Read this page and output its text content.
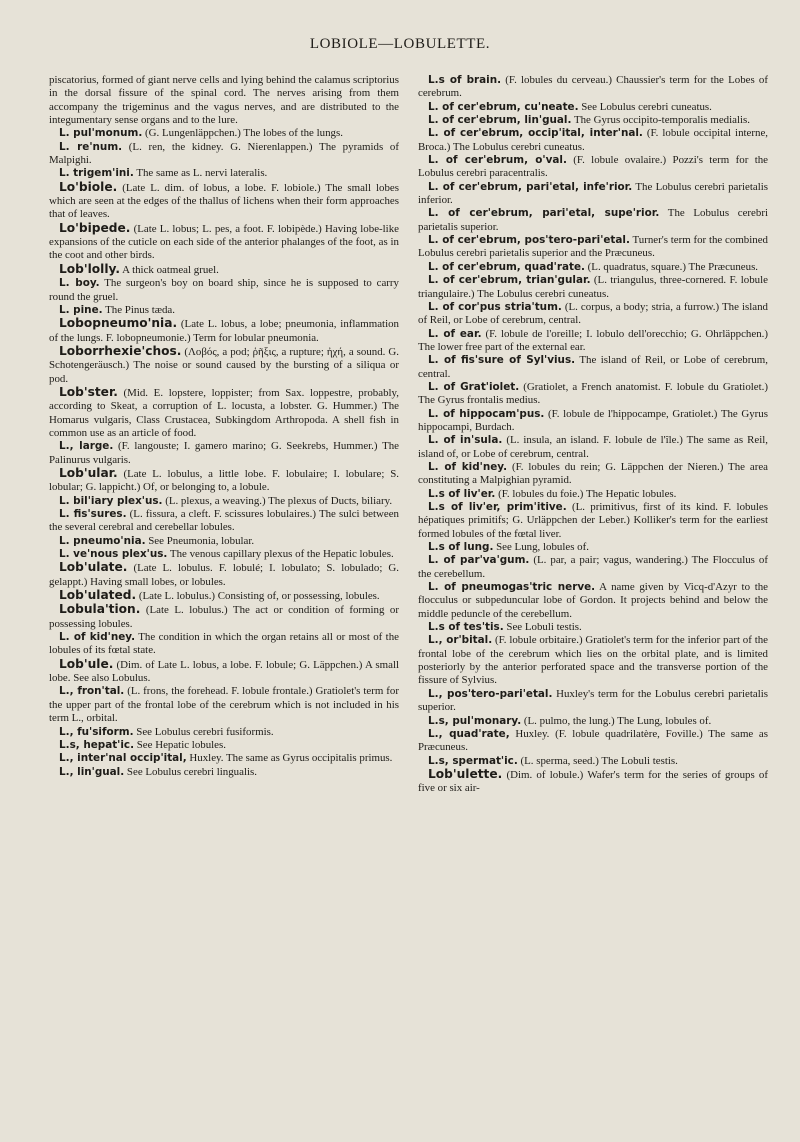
LOBIOLE—LOBULETTE.

piscatorius, formed of giant nerve cells and lying behind the calamus scriptorius in the dorsal fissure of the spinal cord. The nerves arising from them accompany the trigeminus and the vagus nerves, and are distributed to the integumentary sense organs and to the lure.

L. pul'monum. (G. Lungenläppchen.) The lobes of the lungs.

L. re'num. (L. ren, the kidney. G. Nierenlappen.) The pyramids of Malpighi.

L. trigem'ini. The same as L. nervi lateralis.

Lo'biole. (Late L. dim. of lobus, a lobe. F. lobiole.) The small lobes which are seen at the edges of the thallus of lichens when their form approaches that of leaves.

Lo'bipede. (Late L. lobus; L. pes, a foot. F. lobipède.) Having lobe-like expansions of the cuticle on each side of the anterior phalanges of the foot, as in the coot and other birds.

Lob'lolly. A thick oatmeal gruel.

L. boy. The surgeon's boy on board ship, since he is supposed to carry round the gruel.

L. pine. The Pinus tæda.

Lobopneumo'nia. (Late L. lobus, a lobe; pneumonia, inflammation of the lungs. F. lobopneumonie.) Term for lobular pneumonia.

Loborrhexie'chos. (Λοβός, a pod; ῥῆξις, a rupture; ἠχή, a sound. G. Schotengeräusch.) The noise or sound caused by the bursting of a siliqua or pod.

Lob'ster. (Mid. E. lopstere, loppister; from Sax. loppestre, probably, according to Skeat, a corruption of L. locusta, a lobster. G. Hummer.) The Homarus vulgaris, Class Crustacea, Subkingdom Arthropoda. A shell fish in common use as an article of food.

L., large. (F. langouste; I. gamero marino; G. Seekrebs, Hummer.) The Palinurus vulgaris.

Lob'ular. (Late L. lobulus, a little lobe. F. lobulaire; I. lobulare; S. lobular; G. lappicht.) Of, or belonging to, a lobule.

L. bil'iary plex'us. (L. plexus, a weaving.) The plexus of Ducts, biliary.

L. fis'sures. (L. fissura, a cleft. F. scissures lobulaires.) The sulci between the several cerebral and cerebellar lobules.

L. pneumo'nia. See Pneumonia, lobular.

L. ve'nous plex'us. The venous capillary plexus of the Hepatic lobules.

Lob'ulate. (Late L. lobulus. F. lobulé; I. lobulato; S. lobulado; G. gelappt.) Having small lobes, or lobules.

Lob'ulated. (Late L. lobulus.) Consisting of, or possessing, lobules.

Lobula'tion. (Late L. lobulus.) The act or condition of forming or possessing lobules.

L. of kid'ney. The condition in which the organ retains all or most of the lobules of its fœtal state.

Lob'ule. (Dim. of Late L. lobus, a lobe. F. lobule; G. Läppchen.) A small lobe. See also Lobulus.

L., fron'tal. (L. frons, the forehead. F. lobule frontale.) Gratiolet's term for the upper part of the frontal lobe of the cerebrum which is not included in his term L., orbital.

L., fu'siform. See Lobulus cerebri fusiformis.

L.s, hepat'ic. See Hepatic lobules.

L., inter'nal occip'ital, Huxley. The same as Gyrus occipitalis primus.

L., lin'gual. See Lobulus cerebri lingualis.

L.s of brain. (F. lobules du cerveau.) Chaussier's term for the Lobes of cerebrum.

L. of cer'ebrum, cu'neate. See Lobulus cerebri cuneatus.

L. of cer'ebrum, lin'gual. The Gyrus occipito-temporalis medialis.

L. of cer'ebrum, occip'ital, inter'nal. (F. lobule occipital interne, Broca.) The Lobulus cerebri cuneatus.

L. of cer'ebrum, o'val. (F. lobule ovalaire.) Pozzi's term for the Lobulus cerebri paracentralis.

L. of cer'ebrum, pari'etal, infe'rior. The Lobulus cerebri parietalis inferior.

L. of cer'ebrum, pari'etal, supe'rior. The Lobulus cerebri parietalis superior.

L. of cer'ebrum, pos'tero-pari'etal. Turner's term for the combined Lobulus cerebri parietalis superior and the Præcuneus.

L. of cer'ebrum, quad'rate. (L. quadratus, square.) The Præcuneus.

L. of cer'ebrum, trian'gular. (L. triangulus, three-cornered. F. lobule triangulaire.) The Lobulus cerebri cuneatus.

L. of cor'pus stria'tum. (L. corpus, a body; stria, a furrow.) The island of Reil, or Lobe of cerebrum, central.

L. of ear. (F. lobule de l'oreille; I. lobulo dell'orecchio; G. Ohrläppchen.) The lower free part of the external ear.

L. of fis'sure of Syl'vius. The island of Reil, or Lobe of cerebrum, central.

L. of Grat'iolet. (Gratiolet, a French anatomist. F. lobule du Gratiolet.) The Gyrus frontalis medius.

L. of hippocam'pus. (F. lobule de l'hippocampe, Gratiolet.) The Gyrus hippocampi, Burdach.

L. of in'sula. (L. insula, an island. F. lobule de l'île.) The same as Reil, island of, or Lobe of cerebrum, central.

L. of kid'ney. (F. lobules du rein; G. Läppchen der Nieren.) The area constituting a Malpighian pyramid.

L.s of liv'er. (F. lobules du foie.) The Hepatic lobules.

L.s of liv'er, prim'itive. (L. primitivus, first of its kind. F. lobules hépatiques primitifs; G. Urläppchen der Leber.) Kolliker's term for the earliest formed lobules of the fœtal liver.

L.s of lung. See Lung, lobules of.

L. of par'va'gum. (L. par, a pair; vagus, wandering.) The Flocculus of the cerebellum.

L. of pneumogas'tric nerve. A name given by Vicq-d'Azyr to the flocculus or subpeduncular lobe of Gordon. It projects behind and below the middle peduncle of the cerebellum.

L.s of tes'tis. See Lobuli testis.

L., or'bital. (F. lobule orbitaire.) Gratiolet's term for the inferior part of the frontal lobe of the cerebrum which lies on the orbital plate, and is limited posteriorly by the anterior perforated space and the transverse portion of the fissure of Sylvius.

L., pos'tero-pari'etal. Huxley's term for the Lobulus cerebri parietalis superior.

L.s, pul'monary. (L. pulmo, the lung.) The Lung, lobules of.

L., quad'rate, Huxley. (F. lobule quadrilatère, Foville.) The same as Præcuneus.

L.s, spermat'ic. (L. sperma, seed.) The Lobuli testis.

Lob'ulette. (Dim. of lobule.) Wafer's term for the series of groups of five or six air-
